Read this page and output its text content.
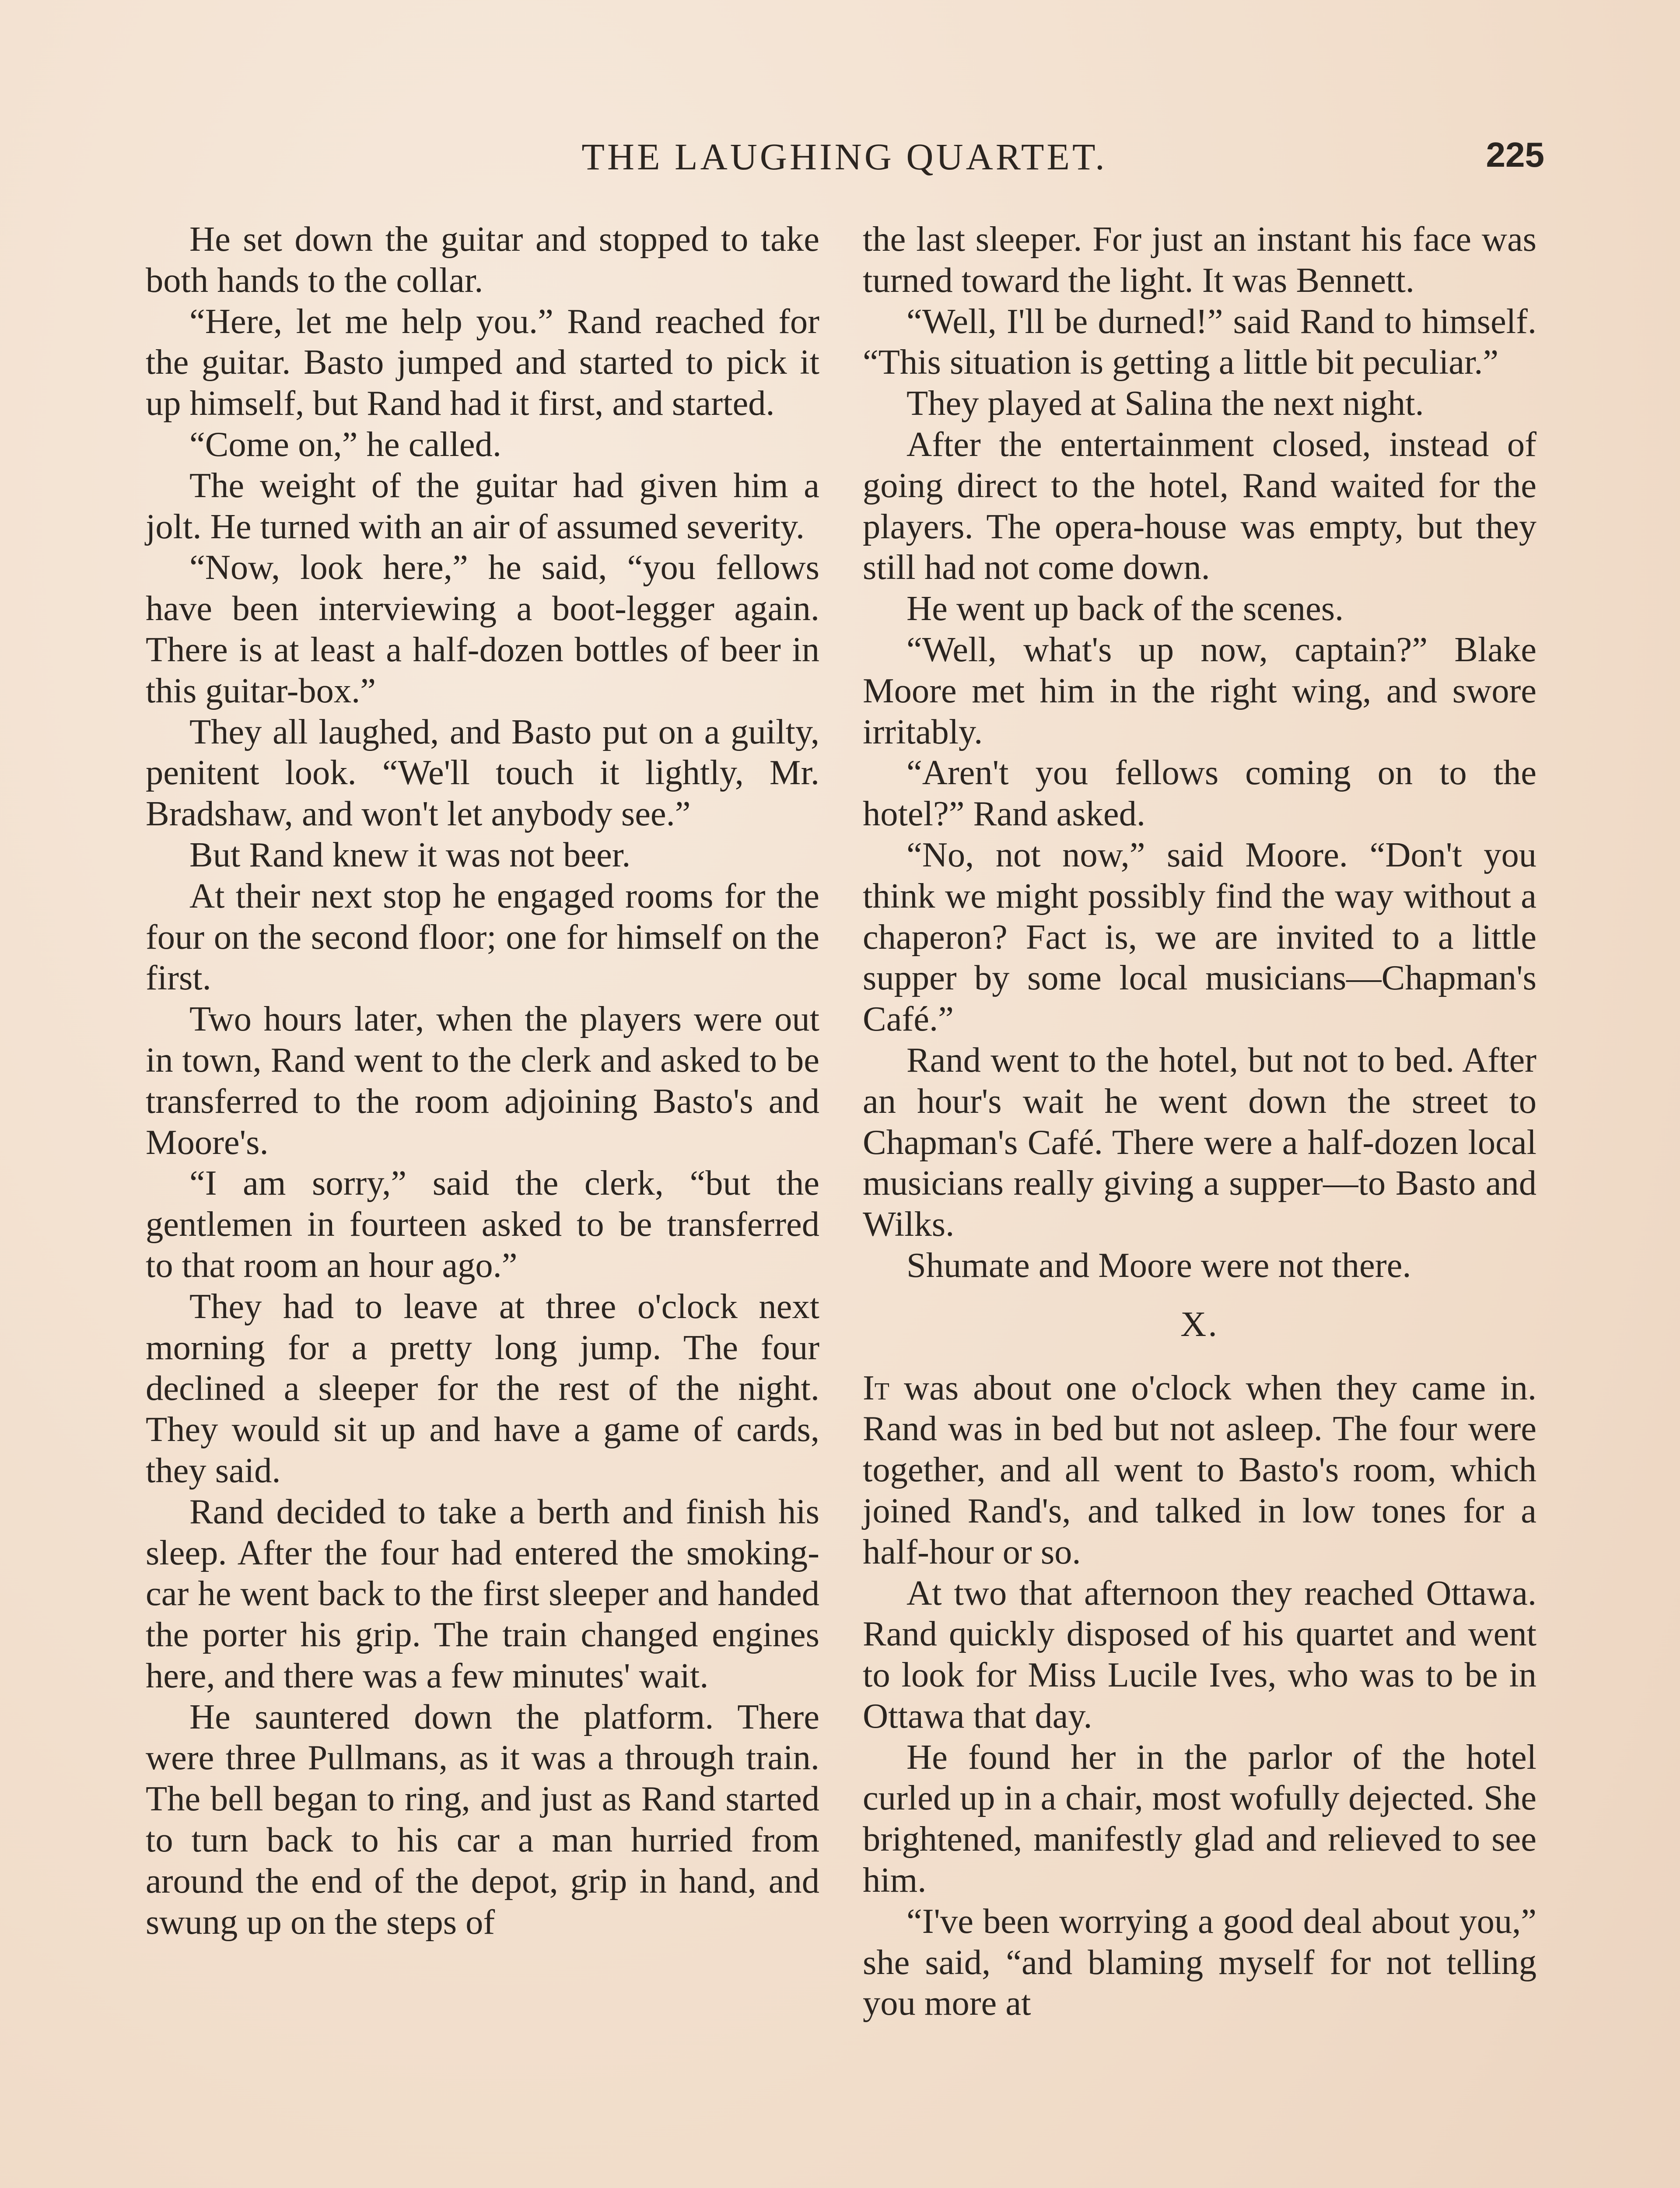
THE LAUGHING QUARTET.	225

He set down the guitar and stopped to take both hands to the collar.

“Here, let me help you.” Rand reached for the guitar. Basto jumped and started to pick it up himself, but Rand had it first, and started.

“Come on,” he called.

The weight of the guitar had given him a jolt. He turned with an air of assumed severity.

“Now, look here,” he said, “you fellows have been interviewing a boot-legger again. There is at least a half-dozen bottles of beer in this guitar-box.”

They all laughed, and Basto put on a guilty, penitent look. “We'll touch it lightly, Mr. Bradshaw, and won't let anybody see.”

But Rand knew it was not beer.

At their next stop he engaged rooms for the four on the second floor; one for himself on the first.

Two hours later, when the players were out in town, Rand went to the clerk and asked to be transferred to the room adjoining Basto's and Moore's.

“I am sorry,” said the clerk, “but the gentlemen in fourteen asked to be transferred to that room an hour ago.”

They had to leave at three o'clock next morning for a pretty long jump. The four declined a sleeper for the rest of the night. They would sit up and have a game of cards, they said.

Rand decided to take a berth and finish his sleep. After the four had entered the smoking-car he went back to the first sleeper and handed the porter his grip. The train changed engines here, and there was a few minutes' wait.

He sauntered down the platform. There were three Pullmans, as it was a through train. The bell began to ring, and just as Rand started to turn back to his car a man hurried from around the end of the depot, grip in hand, and swung up on the steps of

the last sleeper. For just an instant his face was turned toward the light. It was Bennett.

“Well, I'll be durned!” said Rand to himself. “This situation is getting a little bit peculiar.”

They played at Salina the next night.

After the entertainment closed, instead of going direct to the hotel, Rand waited for the players. The opera-house was empty, but they still had not come down.

He went up back of the scenes.

“Well, what's up now, captain?” Blake Moore met him in the right wing, and swore irritably.

“Aren't you fellows coming on to the hotel?” Rand asked.

“No, not now,” said Moore. “Don't you think we might possibly find the way without a chaperon? Fact is, we are invited to a little supper by some local musicians—Chapman's Café.”

Rand went to the hotel, but not to bed. After an hour's wait he went down the street to Chapman's Café. There were a half-dozen local musicians really giving a supper—to Basto and Wilks.

Shumate and Moore were not there.

X.

It was about one o'clock when they came in. Rand was in bed but not asleep. The four were together, and all went to Basto's room, which joined Rand's, and talked in low tones for a half-hour or so.

At two that afternoon they reached Ottawa. Rand quickly disposed of his quartet and went to look for Miss Lucile Ives, who was to be in Ottawa that day.

He found her in the parlor of the hotel curled up in a chair, most wofully dejected. She brightened, manifestly glad and relieved to see him.

“I've been worrying a good deal about you,” she said, “and blaming myself for not telling you more at
